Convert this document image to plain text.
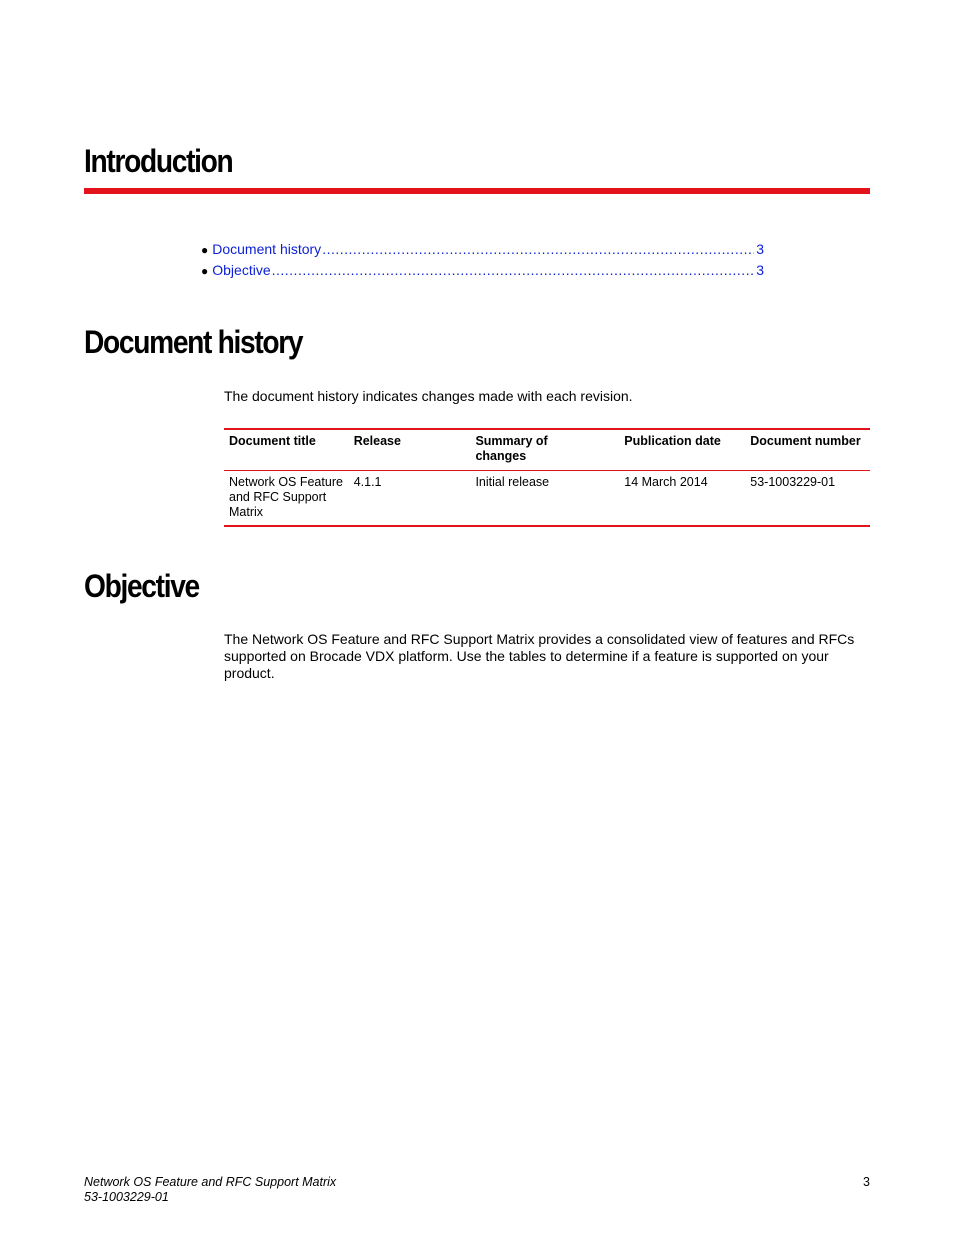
Introduction
● Document history .....	3
● Objective .....	3
Document history

The document history indicates changes made with each revision.

Document title	Release	Summary of changes	Publication date	Document number
Network OS Feature and RFC Support Matrix	4.1.1	Initial release	14 March 2014	53-1003229-01
Objective

The Network OS Feature and RFC Support Matrix provides a consolidated view of features and RFCs supported on Brocade VDX platform. Use the tables to determine if a feature is supported on your product.

Network OS Feature and RFC Support Matrix
53-1003229-01
3
